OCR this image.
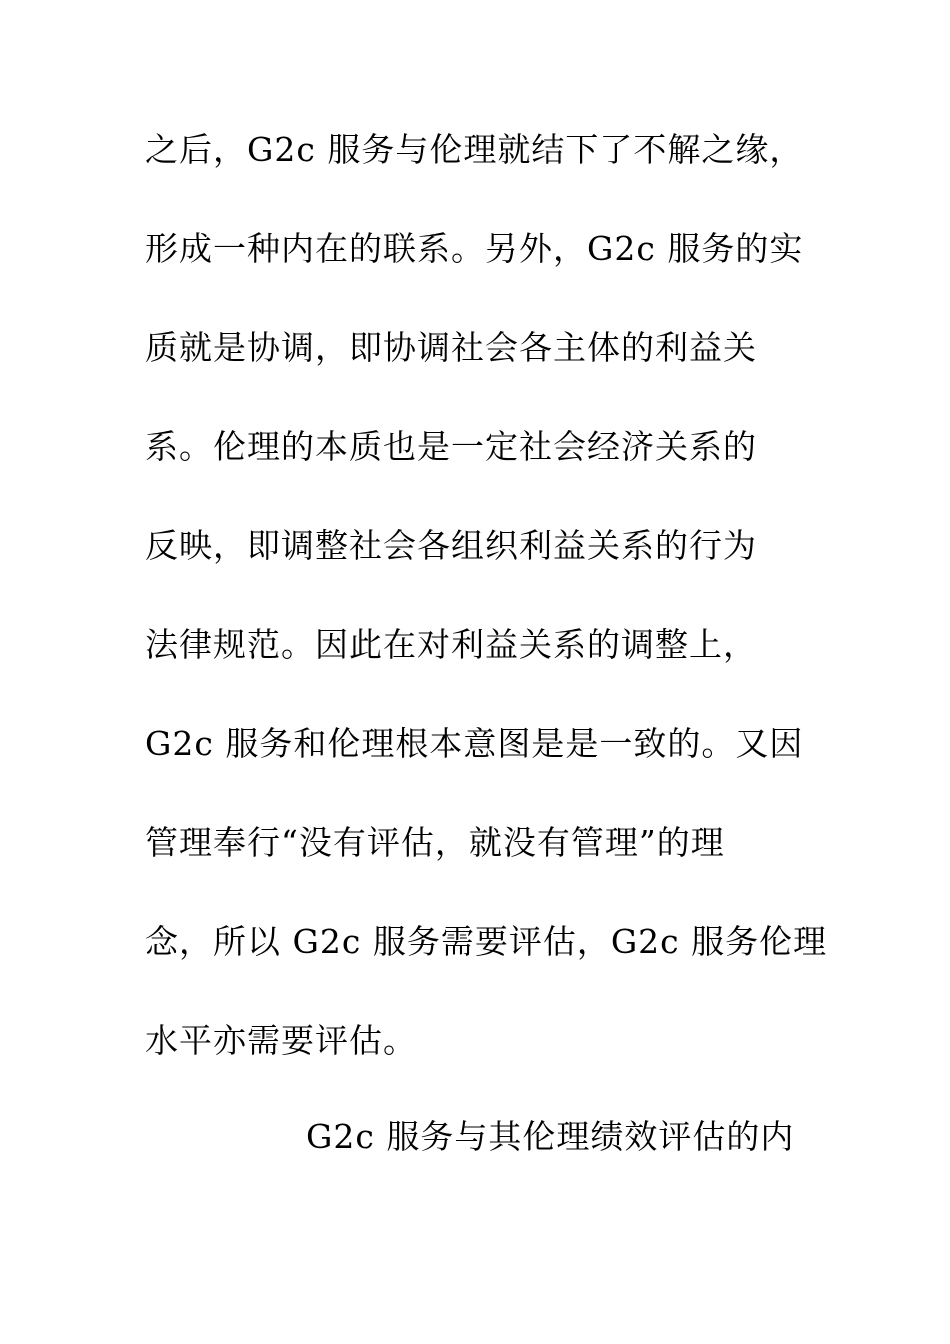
之后，G2c 服务与伦理就结下了不解之缘，
形成一种内在的联系。另外，G2c 服务的实
质就是协调，即协调社会各主体的利益关
系。伦理的本质也是一定社会经济关系的
反映，即调整社会各组织利益关系的行为
法律规范。因此在对利益关系的调整上，
G2c 服务和伦理根本意图是是一致的。又因
管理奉行“没有评估，就没有管理”的理
念，所以 G2c 服务需要评估，G2c 服务伦理
水平亦需要评估。
G2c 服务与其伦理绩效评估的内
